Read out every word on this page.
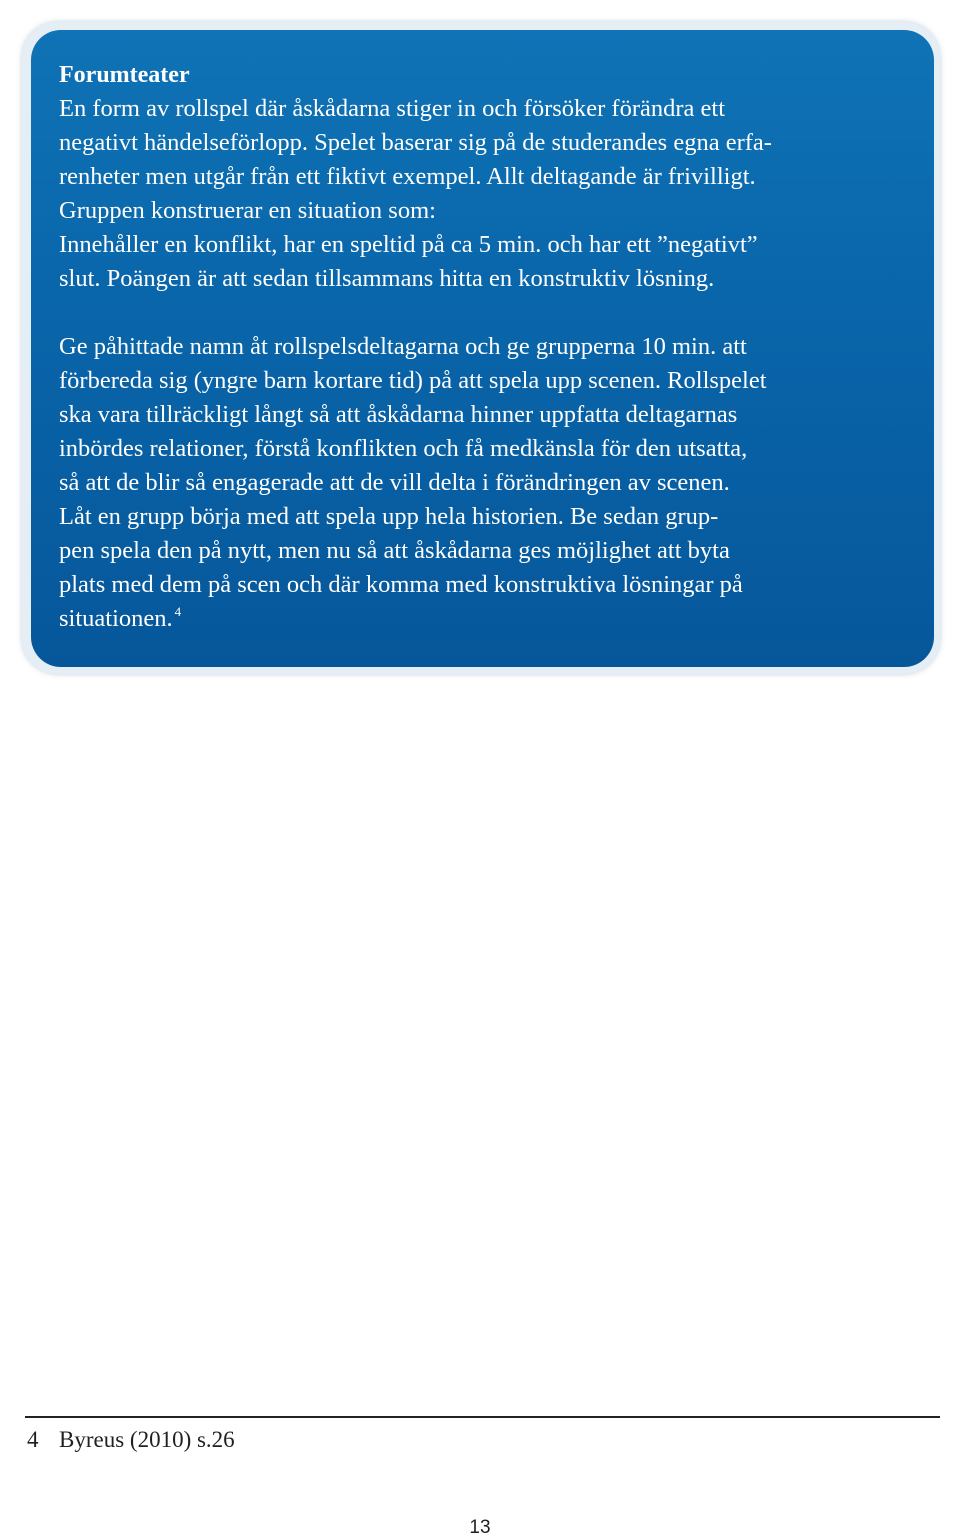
Forumteater

En form av rollspel där åskådarna stiger in och försöker förändra ett
negativt händelseförlopp. Spelet baserar sig på de studerandes egna erfa-
renheter men utgår från ett fiktivt exempel. Allt deltagande är frivilligt.
Gruppen konstruerar en situation som:
Innehåller en konflikt, har en speltid på ca 5 min. och har ett ”negativt”
slut. Poängen är att sedan tillsammans hitta en konstruktiv lösning.

Ge påhittade namn åt rollspelsdeltagarna och ge grupperna 10 min. att
förbereda sig (yngre barn kortare tid) på att spela upp scenen. Rollspelet
ska vara tillräckligt långt så att åskådarna hinner uppfatta deltagarnas
inbördes relationer, förstå konflikten och få medkänsla för den utsatta,
så att de blir så engagerade att de vill delta i förändringen av scenen.
Låt en grupp börja med att spela upp hela historien. Be sedan grup-
pen spela den på nytt, men nu så att åskådarna ges möjlighet att byta
plats med dem på scen och där komma med konstruktiva lösningar på
situationen. $^4$

4 Byreus (2010) s.26
13
